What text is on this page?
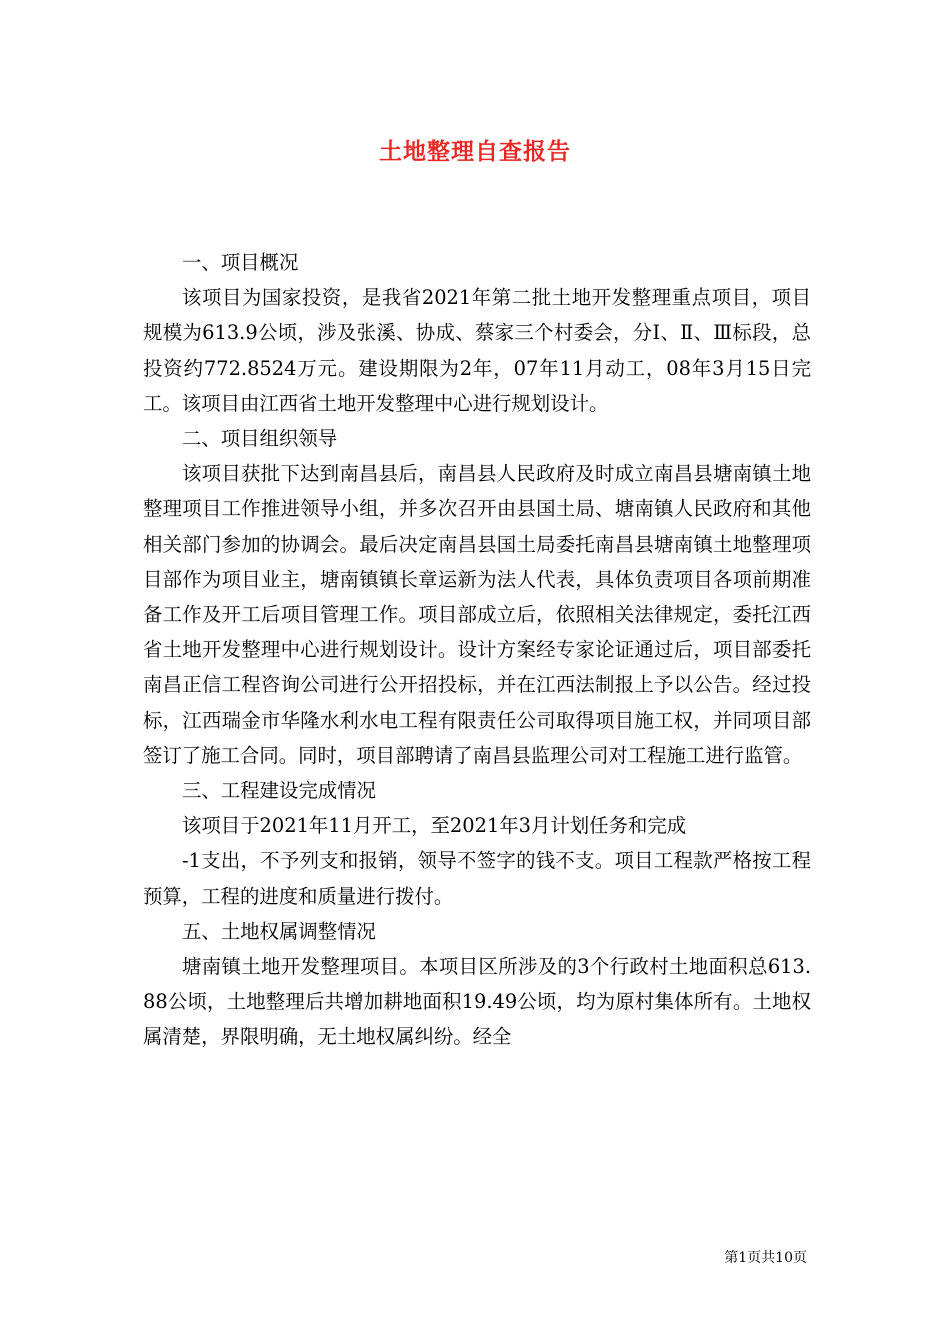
土地整理自查报告

一、项目概况

该项目为国家投资，是我省2021年第二批土地开发整理重点项目，项目规模为613.9公顷，涉及张溪、协成、蔡家三个村委会，分Ⅰ、Ⅱ、Ⅲ标段，总投资约772.8524万元。建设期限为2年，07年11月动工，08年3月15日完工。该项目由江西省土地开发整理中心进行规划设计。

二、项目组织领导

该项目获批下达到南昌县后，南昌县人民政府及时成立南昌县塘南镇土地整理项目工作推进领导小组，并多次召开由县国土局、塘南镇人民政府和其他相关部门参加的协调会。最后决定南昌县国土局委托南昌县塘南镇土地整理项目部作为项目业主，塘南镇镇长章运新为法人代表，具体负责项目各项前期准备工作及开工后项目管理工作。项目部成立后，依照相关法律规定，委托江西省土地开发整理中心进行规划设计。设计方案经专家论证通过后，项目部委托南昌正信工程咨询公司进行公开招投标，并在江西法制报上予以公告。经过投标，江西瑞金市华隆水利水电工程有限责任公司取得项目施工权，并同项目部签订了施工合同。同时，项目部聘请了南昌县监理公司对工程施工进行监管。

三、工程建设完成情况

该项目于2021年11月开工，至2021年3月计划任务和完成

-1支出，不予列支和报销，领导不签字的钱不支。项目工程款严格按工程预算，工程的进度和质量进行拨付。

五、土地权属调整情况

塘南镇土地开发整理项目。本项目区所涉及的3个行政村土地面积总613.88公顷，土地整理后共增加耕地面积19.49公顷，均为原村集体所有。土地权属清楚，界限明确，无土地权属纠纷。经全

第1页共10页
